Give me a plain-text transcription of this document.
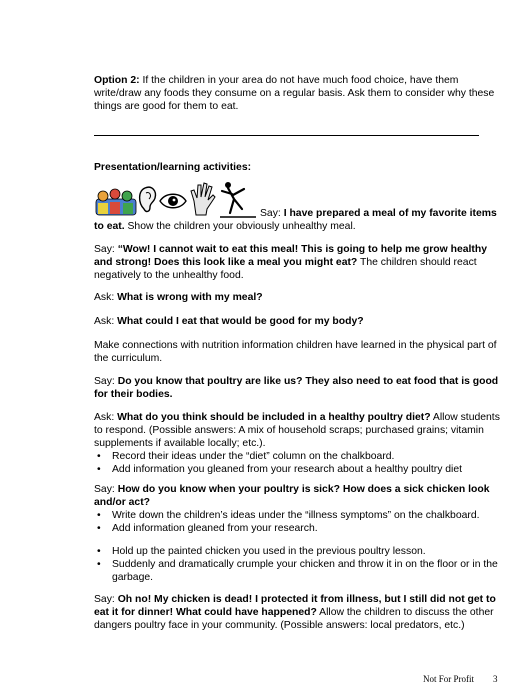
Option 2: If the children in your area do not have much food choice, have them write/draw any foods they consume on a regular basis. Ask them to consider why these things are good for them to eat.

Presentation/learning activities:

Say: I have prepared a meal of my favorite items to eat. Show the children your obviously unhealthy meal.

Say: “Wow! I cannot wait to eat this meal! This is going to help me grow healthy and strong! Does this look like a meal you might eat? The children should react negatively to the unhealthy food.

Ask: What is wrong with my meal?

Ask: What could I eat that would be good for my body?

Make connections with nutrition information children have learned in the physical part of the curriculum.

Say: Do you know that poultry are like us? They also need to eat food that is good for their bodies.

Ask: What do you think should be included in a healthy poultry diet? Allow students to respond. (Possible answers: A mix of household scraps; purchased grains; vitamin supplements if available locally; etc.).

• Record their ideas under the “diet” column on the chalkboard.
• Add information you gleaned from your research about a healthy poultry diet

Say: How do you know when your poultry is sick? How does a sick chicken look and/or act?

• Write down the children’s ideas under the “illness symptoms” on the chalkboard.
• Add information gleaned from your research.
• Hold up the painted chicken you used in the previous poultry lesson.
• Suddenly and dramatically crumple your chicken and throw it in on the floor or in the garbage.

Say: Oh no! My chicken is dead! I protected it from illness, but I still did not get to eat it for dinner! What could have happened? Allow the children to discuss the other dangers poultry face in your community. (Possible answers: local predators, etc.)

Not For Profit 3
